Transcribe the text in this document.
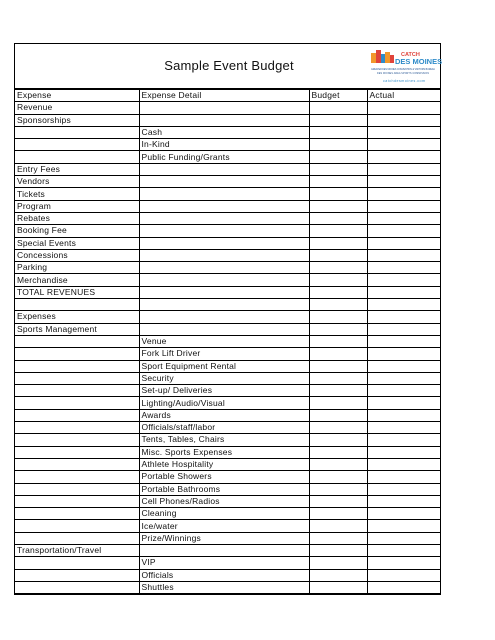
Sample Event Budget
CATCH
DES MOINES
GREATER DES MOINES CONVENTION & VISITORS BUREAU
DES MOINES AREA SPORTS COMMISSION
catchdesmoines.com
Expense	Expense Detail	Budget	Actual
Revenue			
Sponsorships			
	Cash		
	In-Kind		
	Public Funding/Grants		
Entry Fees			
Vendors			
Tickets			
Program			
Rebates			
Booking Fee			
Special Events			
Concessions			
Parking			
Merchandise			
TOTAL REVENUES			

Expenses			
Sports Management			
	Venue		
	Fork Lift Driver		
	Sport Equipment Rental		
	Security		
	Set-up/ Deliveries		
	Lighting/Audio/Visual		
	Awards		
	Officials/staff/labor		
	Tents, Tables, Chairs		
	Misc. Sports Expenses		
	Athlete Hospitality		
	Portable Showers		
	Portable Bathrooms		
	Cell Phones/Radios		
	Cleaning		
	Ice/water		
	Prize/Winnings		
Transportation/Travel			
	VIP		
	Officials		
	Shuttles		
